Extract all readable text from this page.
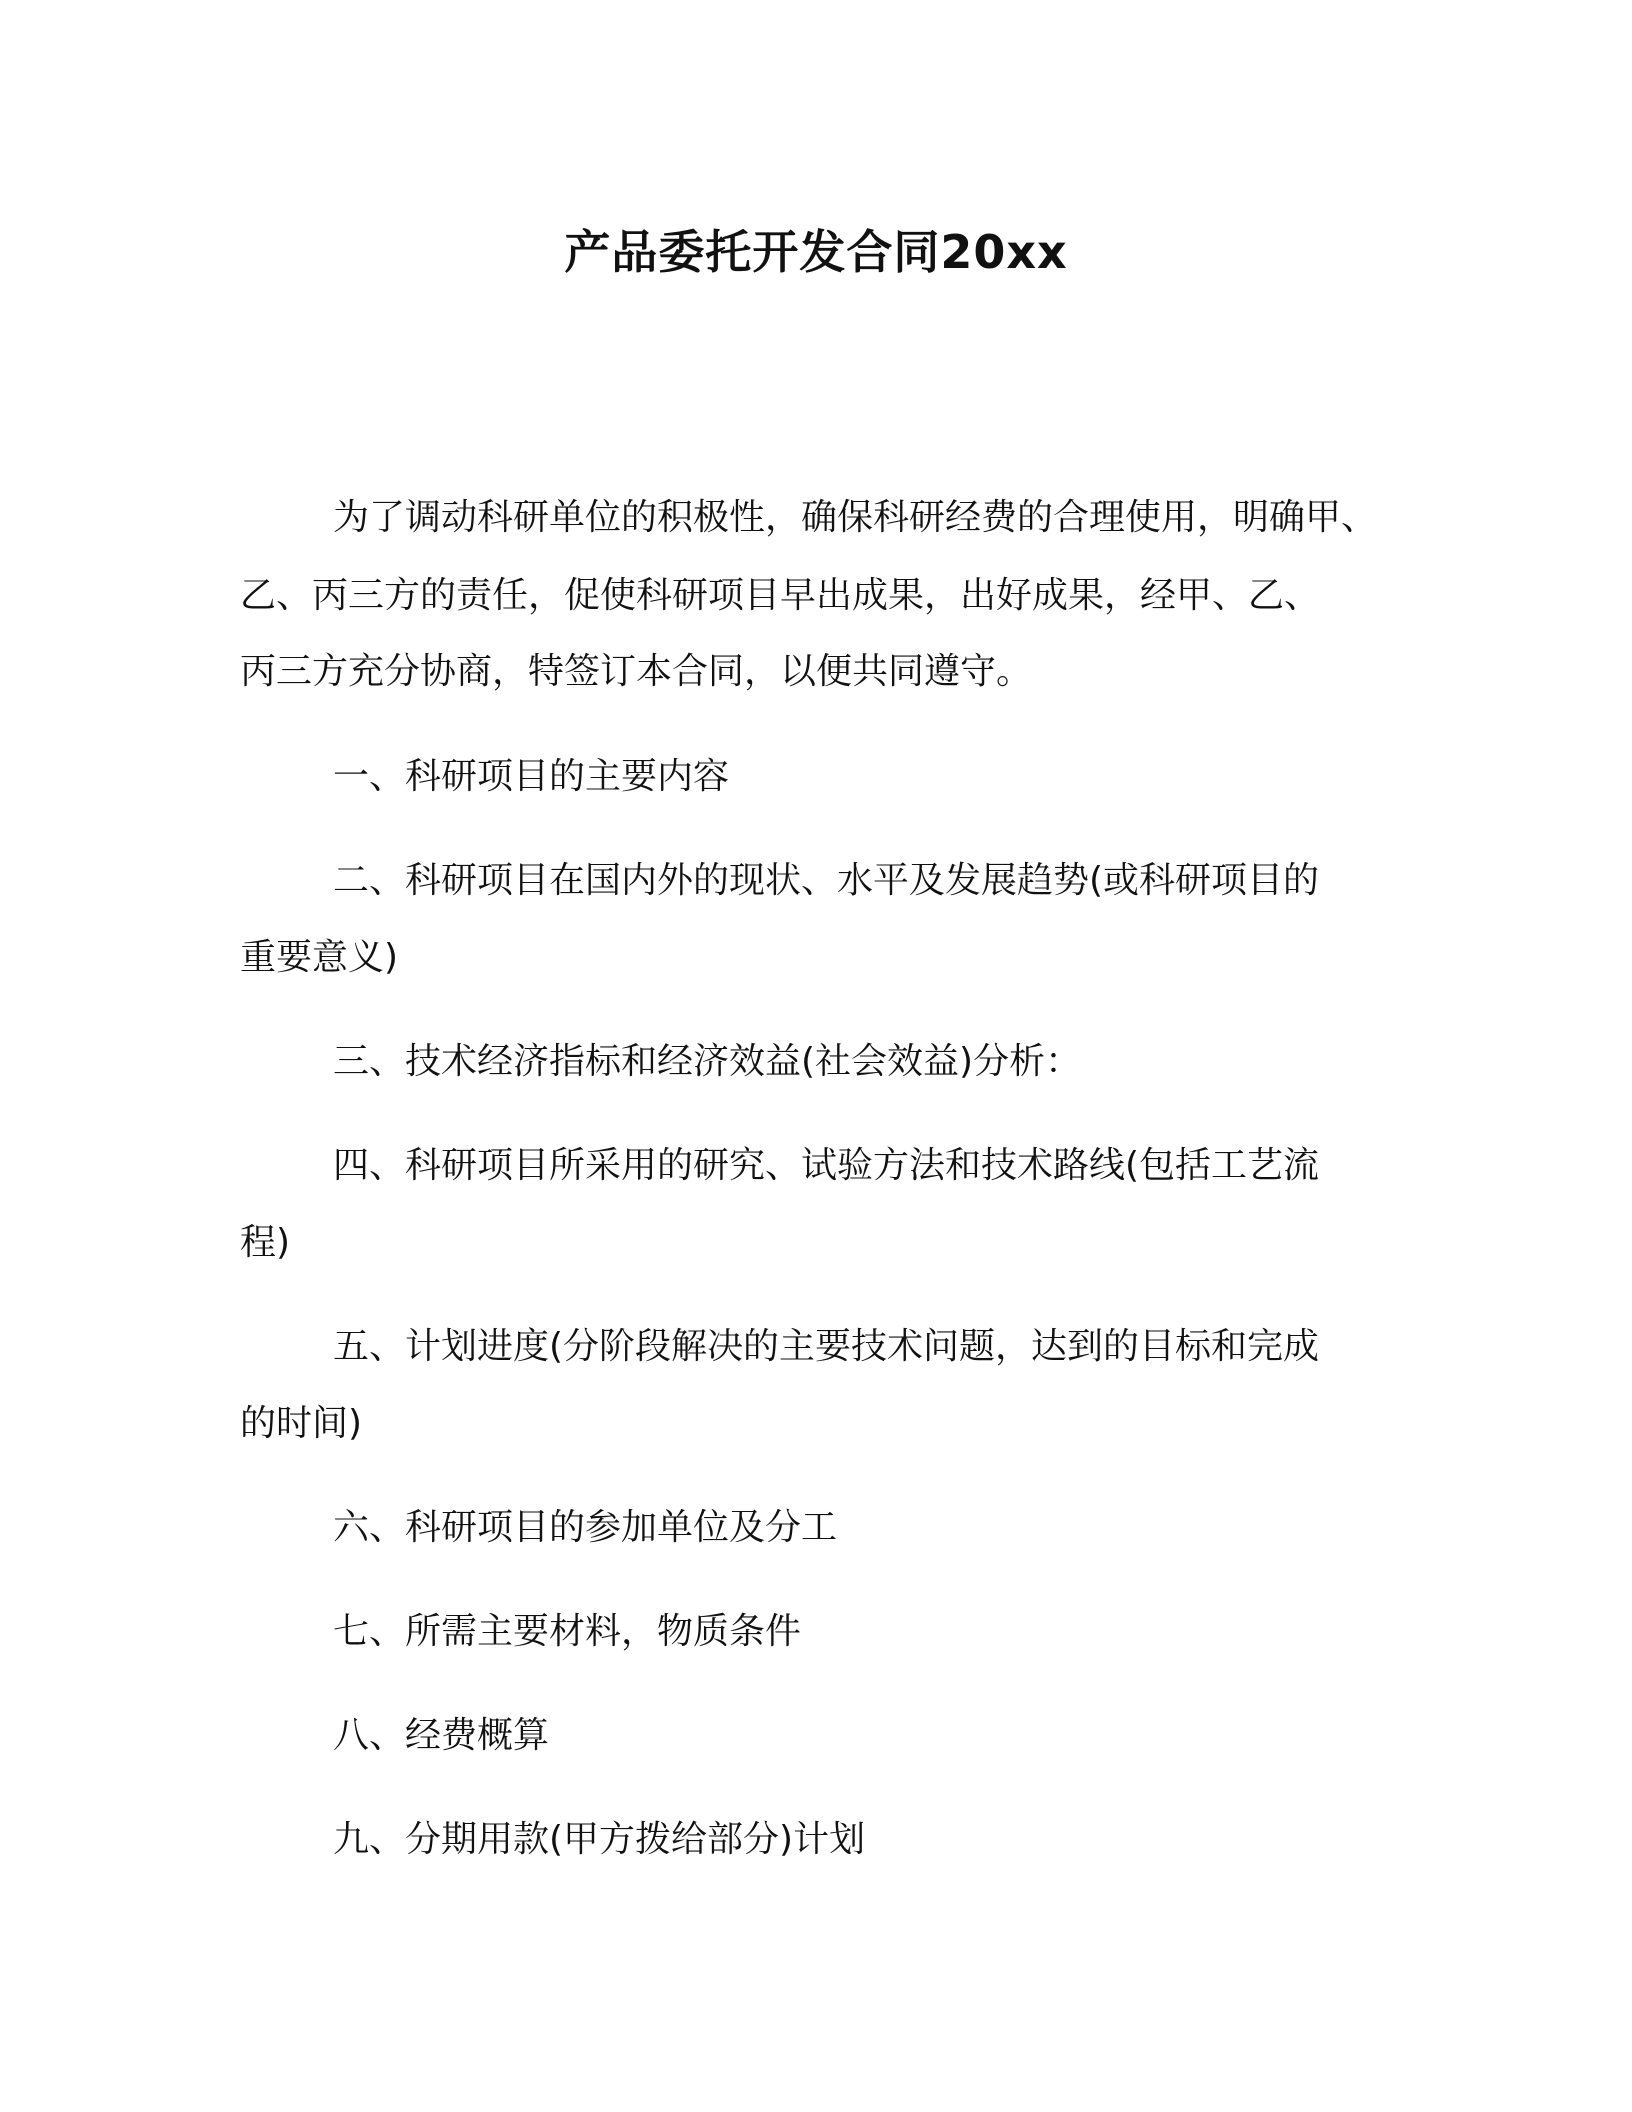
产品委托开发合同20xx
为了调动科研单位的积极性，确保科研经费的合理使用，明确甲、
乙、丙三方的责任，促使科研项目早出成果，出好成果，经甲、乙、
丙三方充分协商，特签订本合同，以便共同遵守。
一、科研项目的主要内容
二、科研项目在国内外的现状、水平及发展趋势(或科研项目的
重要意义)
三、技术经济指标和经济效益(社会效益)分析：
四、科研项目所采用的研究、试验方法和技术路线(包括工艺流
程)
五、计划进度(分阶段解决的主要技术问题，达到的目标和完成
的时间)
六、科研项目的参加单位及分工
七、所需主要材料，物质条件
八、经费概算
九、分期用款(甲方拨给部分)计划
